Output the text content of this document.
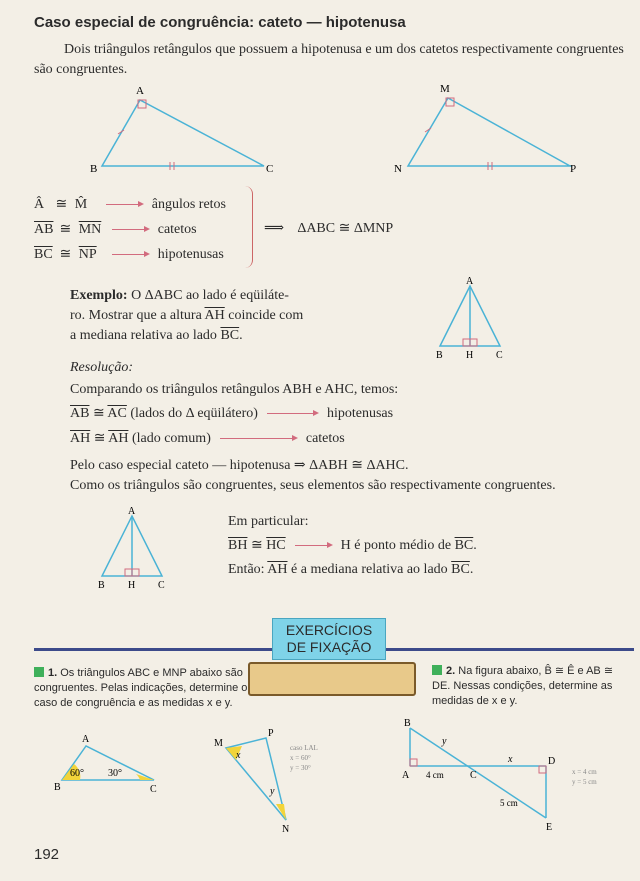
Caso especial de congruência: cateto — hipotenusa
Dois triângulos retângulos que possuem a hipotenusa e um dos catetos respectivamente congruentes são congruentes.
A
B	C
M
N	P
Â ≅ M̂	ângulos retos
$\overline{AB}$ ≅ $\overline{MN}$	catetos
$\overline{BC}$ ≅ $\overline{NP}$	hipotenusas
⟹ ΔABC ≅ ΔMNP
Exemplo: O ΔABC ao lado é eqüiláte-
ro. Mostrar que a altura $\overline{AH}$ coincide com
a mediana relativa ao lado $\overline{BC}$.
A
B H C
Resolução:
Comparando os triângulos retângulos ABH e AHC, temos:
$\overline{AB}$ ≅ $\overline{AC}$ (lados do Δ eqüilátero)	hipotenusas
$\overline{AH}$ ≅ $\overline{AH}$ (lado comum)	catetos
Pelo caso especial cateto — hipotenusa ⇒ ΔABH ≅ ΔAHC.
Como os triângulos são congruentes, seus elementos são respectivamente congruentes.
A
B H C
Em particular:
$\overline{BH}$ ≅ $\overline{HC}$	H é ponto médio de $\overline{BC}$.
Então: $\overline{AH}$ é a mediana relativa ao lado $\overline{BC}$.
EXERCÍCIOS
DE FIXAÇÃO
1. Os triângulos ABC e MNP abaixo são congruentes. Pelas indicações, determine o caso de congruência e as medidas x e y.
A
B	C
60° 30°
M
P
N
x
y
caso LAL
x = 60°
y = 30°
2. Na figura abaixo, B̂ ≅ Ê e AB ≅ DE. Nessas condições, determine as medidas de x e y.
B
A	C
D
E
y
x
4 cm
5 cm
x = 4 cm
y = 5 cm
192
